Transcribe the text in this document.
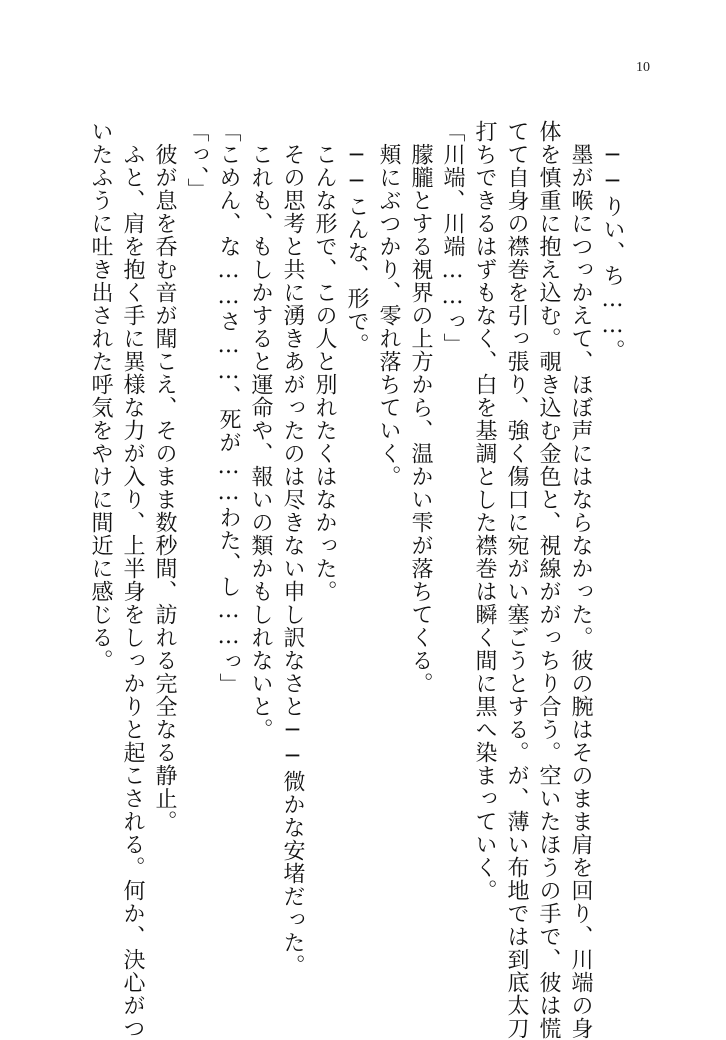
10

　──りい、ち……。

　墨が喉につっかえて、ほぼ声にはならなかった。彼の腕はそのまま肩を回り、川端の身

体を慎重に抱え込む。覗き込む金色と、視線ががっちり合う。空いたほうの手で、彼は慌

てて自身の襟巻を引っ張り、強く傷口に宛がい塞ごうとする。が、薄い布地では到底太刀

打ちできるはずもなく、白を基調とした襟巻は瞬く間に黒へ染まっていく。

「川端、川端……っ」

　朦朧とする視界の上方から、温かい雫が落ちてくる。

　頬にぶつかり、零れ落ちていく。

　──こんな、形で。

　こんな形で、この人と別れたくはなかった。

　その思考と共に湧きあがったのは尽きない申し訳なさと──微かな安堵だった。

　これも、もしかすると運命や、報いの類かもしれないと。

「こめん、な……さ……、死が……わた、し……っ」

「っ、」

　彼が息を呑む音が聞こえ、そのまま数秒間、訪れる完全なる静止。

　ふと、肩を抱く手に異様な力が入り、上半身をしっかりと起こされる。何か、決心がつ

いたふうに吐き出された呼気をやけに間近に感じる。
